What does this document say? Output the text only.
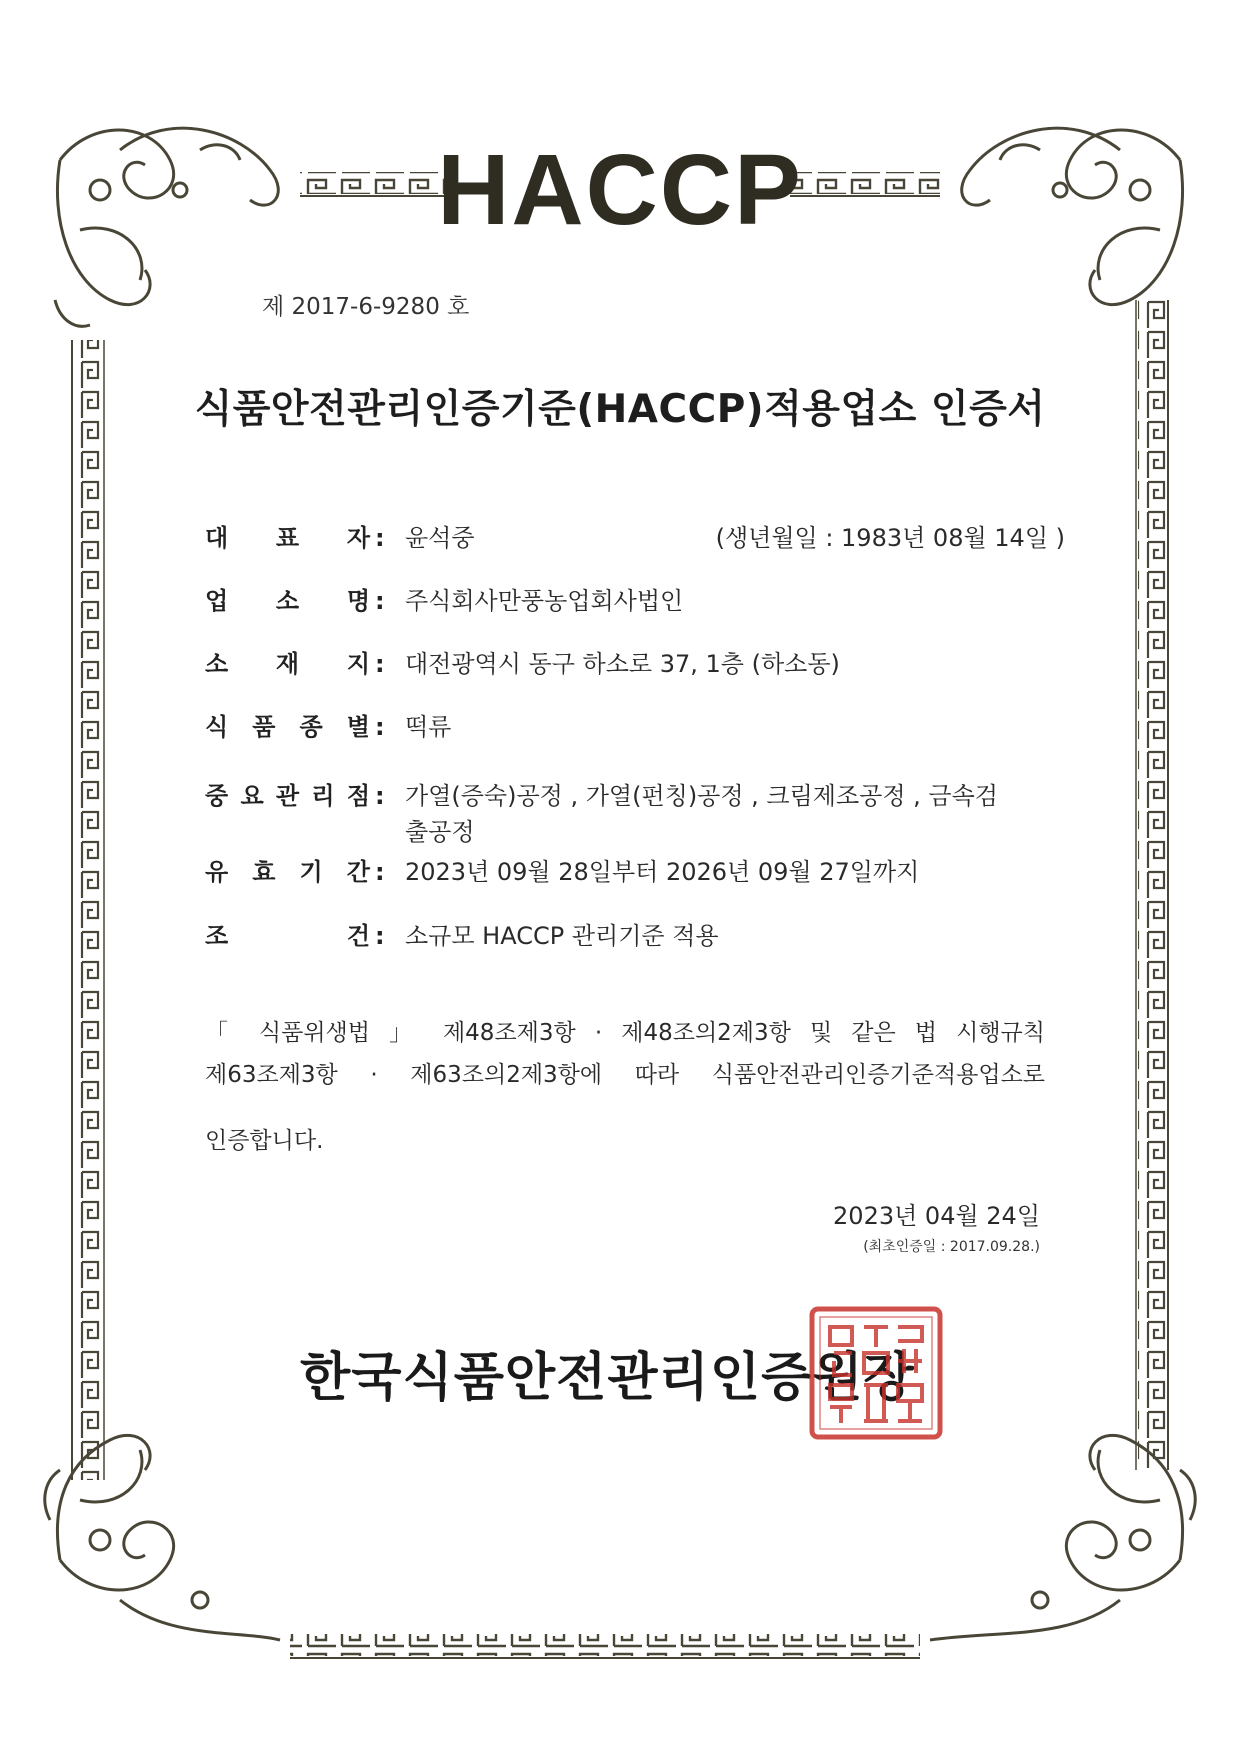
HACCP
제 2017-6-9280 호
식품안전관리인증기준(HACCP)적용업소 인증서
대 표 자 : 윤석중	(생년월일 : 1983년 08월 14일 )
업 소 명 : 주식회사만풍농업회사법인
소 재 지 : 대전광역시 동구 하소로 37, 1층 (하소동)
식 품 종 별 : 떡류
중 요 관 리 점 : 가열(증숙)공정 , 가열(펀칭)공정 , 크림제조공정 , 금속검
출공정
유 효 기 간 : 2023년 09월 28일부터 2026년 09월 27일까지
조	건 : 소규모 HACCP 관리기준 적용
「 식품위생법 」 제48조제3항 · 제48조의2제3항 및 같은 법 시행규칙
제63조제3항 · 제63조의2제3항에 따라 식품안전관리인증기준적용업소로
인증합니다.
2023년 04월 24일
(최초인증일 : 2017.09.28.)
한국식품안전관리인증원장
